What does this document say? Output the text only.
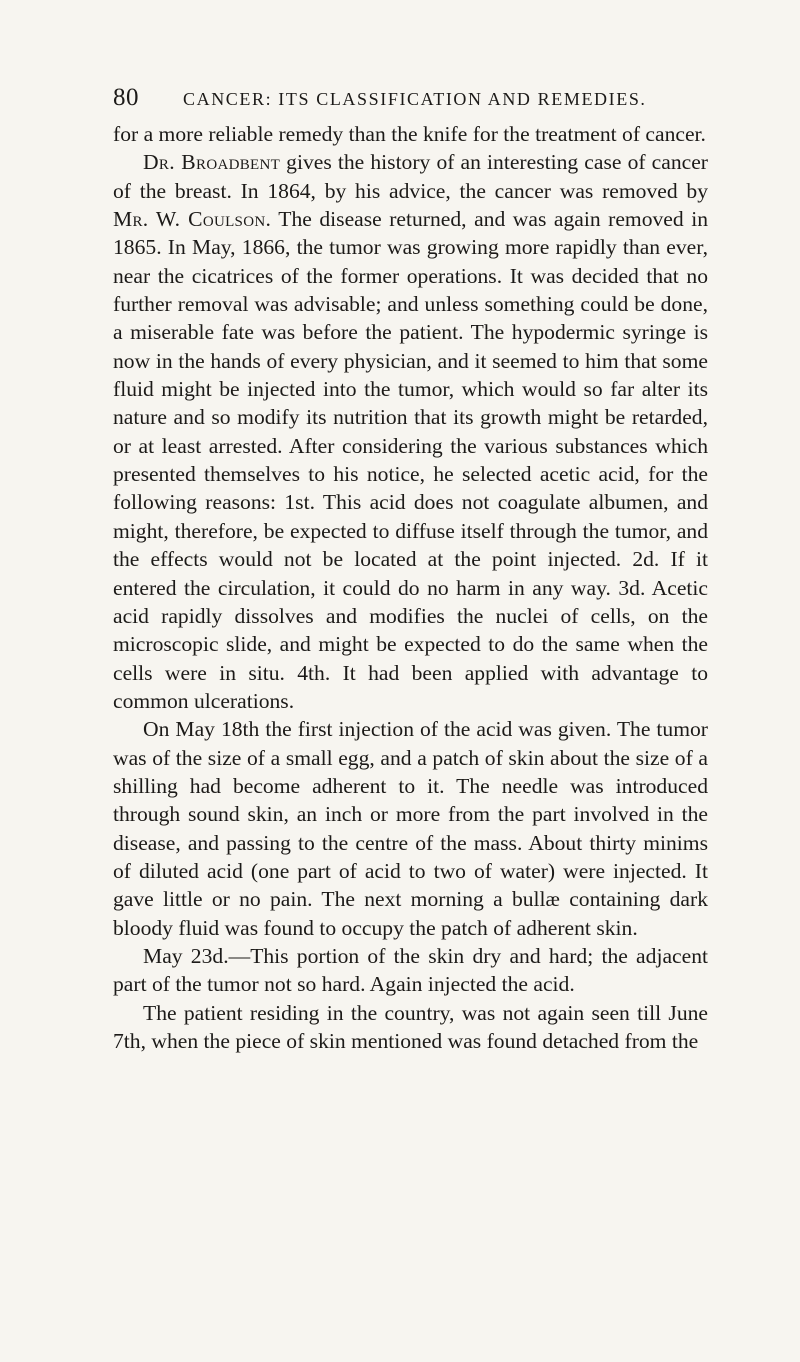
80	CANCER: ITS CLASSIFICATION AND REMEDIES.

for a more reliable remedy than the knife for the treatment of cancer.

Dr. Broadbent gives the history of an interesting case of cancer of the breast. In 1864, by his advice, the cancer was removed by Mr. W. Coulson. The disease returned, and was again removed in 1865. In May, 1866, the tumor was growing more rapidly than ever, near the cicatrices of the former operations. It was decided that no further removal was advisable; and unless something could be done, a miserable fate was before the patient. The hypodermic syringe is now in the hands of every physician, and it seemed to him that some fluid might be injected into the tumor, which would so far alter its nature and so modify its nutrition that its growth might be retarded, or at least arrested. After considering the various substances which presented themselves to his notice, he selected acetic acid, for the following reasons: 1st. This acid does not coagulate albumen, and might, therefore, be expected to diffuse itself through the tumor, and the effects would not be located at the point injected. 2d. If it entered the circulation, it could do no harm in any way. 3d. Acetic acid rapidly dissolves and modifies the nuclei of cells, on the microscopic slide, and might be expected to do the same when the cells were in situ. 4th. It had been applied with advantage to common ulcerations.

On May 18th the first injection of the acid was given. The tumor was of the size of a small egg, and a patch of skin about the size of a shilling had become adherent to it. The needle was introduced through sound skin, an inch or more from the part involved in the disease, and passing to the centre of the mass. About thirty minims of diluted acid (one part of acid to two of water) were injected. It gave little or no pain. The next morning a bullæ containing dark bloody fluid was found to occupy the patch of adherent skin.

May 23d.—This portion of the skin dry and hard; the adjacent part of the tumor not so hard. Again injected the acid.

The patient residing in the country, was not again seen till June 7th, when the piece of skin mentioned was found detached from the
